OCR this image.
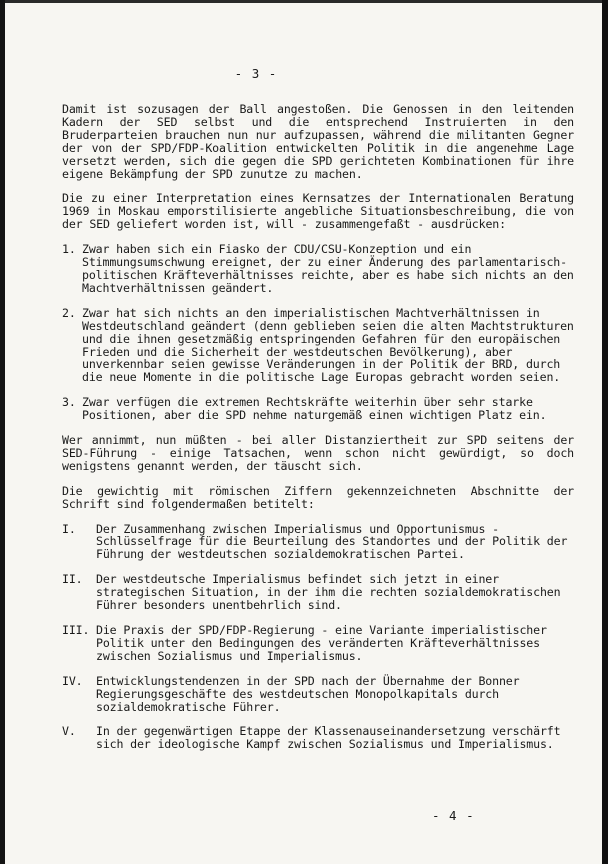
- 3 -

Damit ist sozusagen der Ball angestoßen. Die Genossen in den leitenden Kadern der SED selbst und die entsprechend Instruierten in den Bruderparteien brauchen nun nur aufzupassen, während die militanten Gegner der von der SPD/FDP-Koalition entwickelten Politik in die angenehme Lage versetzt werden, sich die gegen die SPD gerichteten Kombinationen für ihre eigene Bekämpfung der SPD zunutze zu machen.

Die zu einer Interpretation eines Kernsatzes der Internationalen Beratung 1969 in Moskau emporstilisierte angebliche Situationsbeschreibung, die von der SED geliefert worden ist, will - zusammengefaßt - ausdrücken:

1. Zwar haben sich ein Fiasko der CDU/CSU-Konzeption und ein Stimmungsumschwung ereignet, der zu einer Änderung des parlamentarisch-politischen Kräfteverhältnisses reichte, aber es habe sich nichts an den Machtverhältnissen geändert.
2. Zwar hat sich nichts an den imperialistischen Machtverhältnissen in Westdeutschland geändert (denn geblieben seien die alten Machtstrukturen und die ihnen gesetzmäßig entspringenden Gefahren für den europäischen Frieden und die Sicherheit der westdeutschen Bevölkerung), aber unverkennbar seien gewisse Veränderungen in der Politik der BRD, durch die neue Momente in die politische Lage Europas gebracht worden seien.
3. Zwar verfügen die extremen Rechtskräfte weiterhin über sehr starke Positionen, aber die SPD nehme naturgemäß einen wichtigen Platz ein.

Wer annimmt, nun müßten - bei aller Distanziertheit zur SPD seitens der SED-Führung - einige Tatsachen, wenn schon nicht gewürdigt, so doch wenigstens genannt werden, der täuscht sich.

Die gewichtig mit römischen Ziffern gekennzeichneten Abschnitte der Schrift sind folgendermaßen betitelt:

I.	Der Zusammenhang zwischen Imperialismus und Opportunismus - Schlüsselfrage für die Beurteilung des Standortes und der Politik der Führung der westdeutschen sozialdemokratischen Partei.
II.	Der westdeutsche Imperialismus befindet sich jetzt in einer strategischen Situation, in der ihm die rechten sozialdemokratischen Führer besonders unentbehrlich sind.
III. Die Praxis der SPD/FDP-Regierung - eine Variante imperialistischer Politik unter den Bedingungen des veränderten Kräfteverhältnisses zwischen Sozialismus und Imperialismus.
IV.	Entwicklungstendenzen in der SPD nach der Übernahme der Bonner Regierungsgeschäfte des westdeutschen Monopolkapitals durch sozialdemokratische Führer.
V.	In der gegenwärtigen Etappe der Klassenauseinandersetzung verschärft sich der ideologische Kampf zwischen Sozialismus und Imperialismus.
- 4 -
